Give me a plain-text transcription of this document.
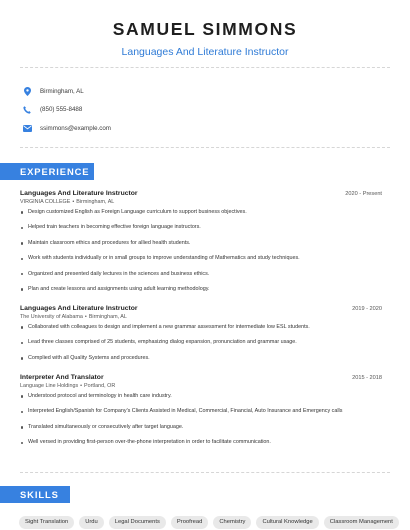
SAMUEL SIMMONS
Languages And Literature Instructor
Birmingham, AL
(850) 555-8488
ssimmons@example.com
EXPERIENCE
Languages And Literature Instructor	2020 - Present
VIRGINIA COLLEGE • Birmingham, AL
Design customized English as Foreign Language curriculum to support business objectives.
Helped train teachers in becoming effective foreign language instructors.
Maintain classroom ethics and procedures for allied health students.
Work with students individually or in small groups to improve understanding of Mathematics and study techniques.
Organized and presented daily lectures in the sciences and business ethics.
Plan and create lessons and assignments using adult learning methodology.
Languages And Literature Instructor	2019 - 2020
The University of Alabama • Birmingham, AL
Collaborated with colleagues to design and implement a new grammar assessment for intermediate low ESL students.
Lead three classes comprised of 25 students, emphasizing dialog expansion, pronunciation and grammar usage.
Complied with all Quality Systems and procedures.
Interpreter And Translator	2015 - 2018
Language Line Holdings • Portland, OR
Understood protocol and terminology in health care industry.
Interpreted English/Spanish for Company's Clients Assisted in Medical, Commercial, Financial, Auto Insurance and Emergency calls
Translated simultaneously or consecutively after target language.
Well versed in providing first-person over-the-phone interpretation in order to facilitate communication.
SKILLS
Sight Translation	Urdu	Legal Documents	Proofread	Chemistry	Cultural Knowledge	Classroom Management
